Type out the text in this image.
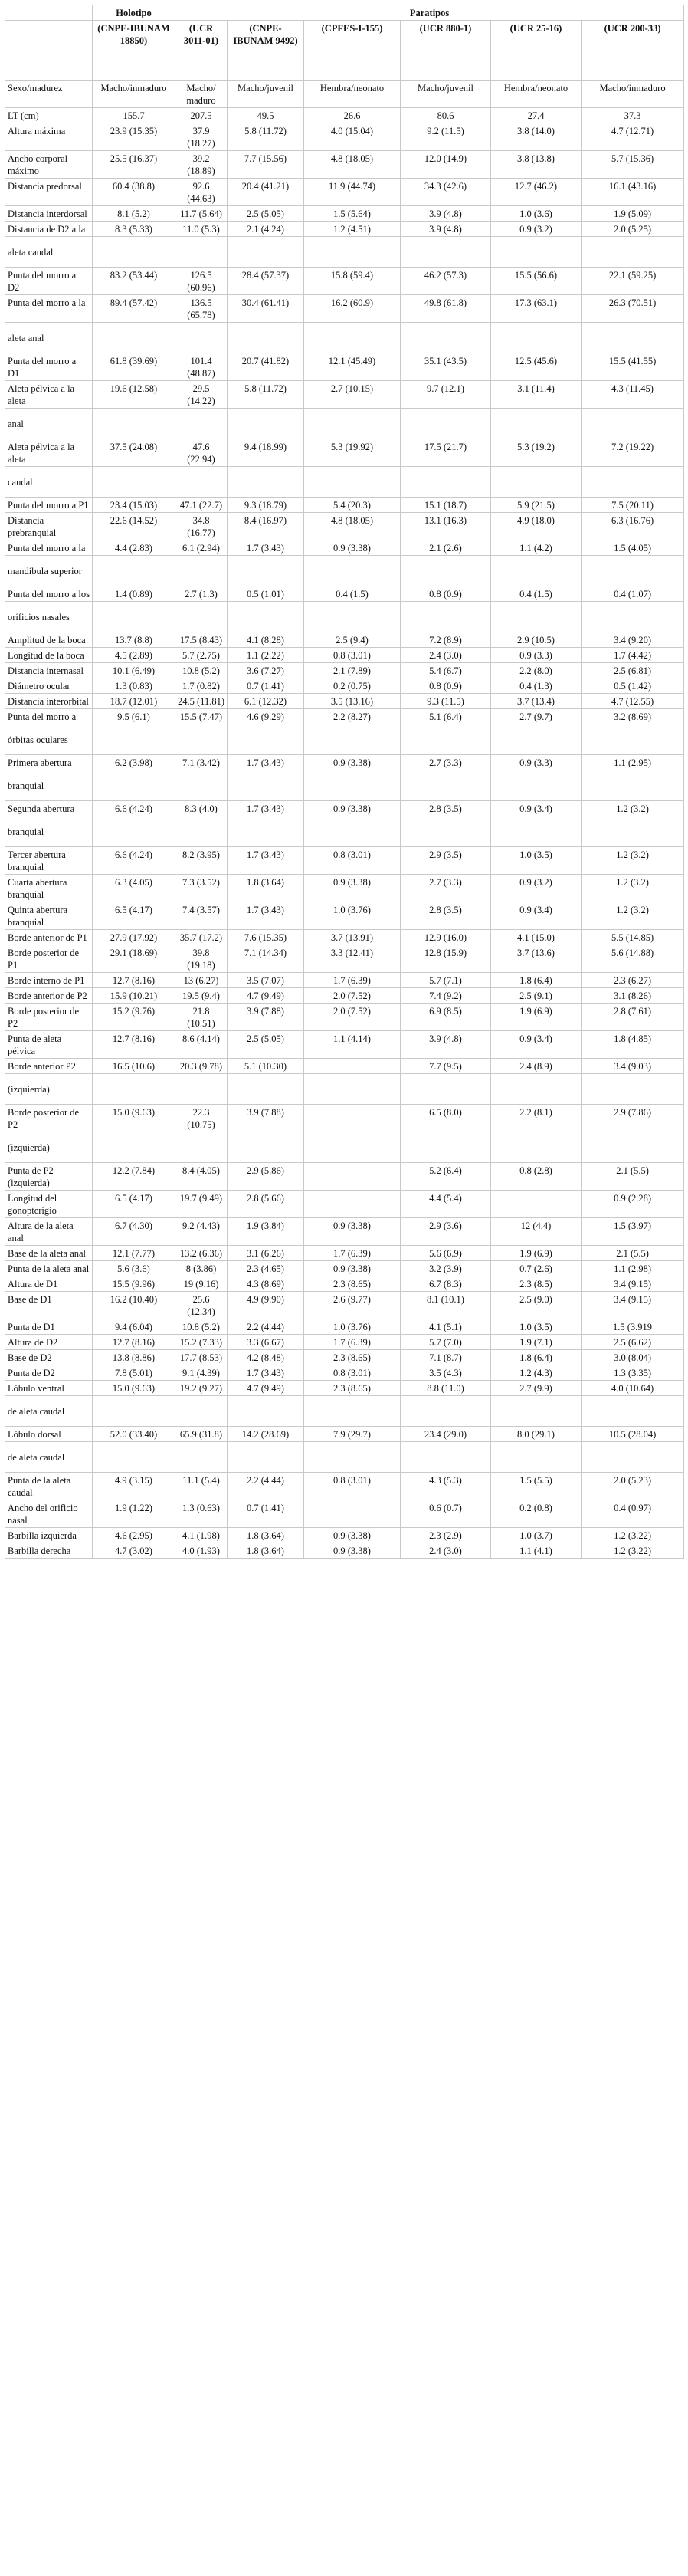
	Holotipo	Paratipos					
	(CNPE-IBUNAM 18850)	(UCR 3011-01)	(CNPE-IBUNAM 9492)	(CPFES-I-155)	(UCR 880-1)	(UCR 25-16)	(UCR 200-33)
Sexo/madurez	Macho/inmaduro	Macho/ maduro	Macho/juvenil	Hembra/neonato	Macho/juvenil	Hembra/neonato	Macho/inmaduro
LT (cm)	155.7	207.5	49.5	26.6	80.6	27.4	37.3
Altura máxima	23.9 (15.35)	37.9 (18.27)	5.8 (11.72)	4.0 (15.04)	9.2 (11.5)	3.8 (14.0)	4.7 (12.71)
Ancho corporal máximo	25.5 (16.37)	39.2 (18.89)	7.7 (15.56)	4.8 (18.05)	12.0 (14.9)	3.8 (13.8)	5.7 (15.36)
Distancia predorsal	60.4 (38.8)	92.6 (44.63)	20.4 (41.21)	11.9 (44.74)	34.3 (42.6)	12.7 (46.2)	16.1 (43.16)
Distancia interdorsal	8.1 (5.2)	11.7 (5.64)	2.5 (5.05)	1.5 (5.64)	3.9 (4.8)	1.0 (3.6)	1.9 (5.09)
Distancia de D2 a la	8.3 (5.33)	11.0 (5.3)	2.1 (4.24)	1.2 (4.51)	3.9 (4.8)	0.9 (3.2)	2.0 (5.25)
aleta caudal							
Punta del morro a D2	83.2 (53.44)	126.5 (60.96)	28.4 (57.37)	15.8 (59.4)	46.2 (57.3)	15.5 (56.6)	22.1 (59.25)
Punta del morro a la	89.4 (57.42)	136.5 (65.78)	30.4 (61.41)	16.2 (60.9)	49.8 (61.8)	17.3 (63.1)	26.3 (70.51)
aleta anal							
Punta del morro a D1	61.8 (39.69)	101.4 (48.87)	20.7 (41.82)	12.1 (45.49)	35.1 (43.5)	12.5 (45.6)	15.5 (41.55)
Aleta pélvica a la aleta	19.6 (12.58)	29.5 (14.22)	5.8 (11.72)	2.7 (10.15)	9.7 (12.1)	3.1 (11.4)	4.3 (11.45)
anal							
Aleta pélvica a la aleta	37.5 (24.08)	47.6 (22.94)	9.4 (18.99)	5.3 (19.92)	17.5 (21.7)	5.3 (19.2)	7.2 (19.22)
caudal							
Punta del morro a P1	23.4 (15.03)	47.1 (22.7)	9.3 (18.79)	5.4 (20.3)	15.1 (18.7)	5.9 (21.5)	7.5 (20.11)
Distancia prebranquial	22.6 (14.52)	34.8 (16.77)	8.4 (16.97)	4.8 (18.05)	13.1 (16.3)	4.9 (18.0)	6.3 (16.76)
Punta del morro a la	4.4 (2.83)	6.1 (2.94)	1.7 (3.43)	0.9 (3.38)	2.1 (2.6)	1.1 (4.2)	1.5 (4.05)
mandíbula superior							
Punta del morro a los	1.4 (0.89)	2.7 (1.3)	0.5 (1.01)	0.4 (1.5)	0.8 (0.9)	0.4 (1.5)	0.4 (1.07)
orificios nasales							
Amplitud de la boca	13.7 (8.8)	17.5 (8.43)	4.1 (8.28)	2.5 (9.4)	7.2 (8.9)	2.9 (10.5)	3.4 (9.20)
Longitud de la boca	4.5 (2.89)	5.7 (2.75)	1.1 (2.22)	0.8 (3.01)	2.4 (3.0)	0.9 (3.3)	1.7 (4.42)
Distancia internasal	10.1 (6.49)	10.8 (5.2)	3.6 (7.27)	2.1 (7.89)	5.4 (6.7)	2.2 (8.0)	2.5 (6.81)
Diámetro ocular	1.3 (0.83)	1.7 (0.82)	0.7 (1.41)	0.2 (0.75)	0.8 (0.9)	0.4 (1.3)	0.5 (1.42)
Distancia interorbital	18.7 (12.01)	24.5 (11.81)	6.1 (12.32)	3.5 (13.16)	9.3 (11.5)	3.7 (13.4)	4.7 (12.55)
Punta del morro a	9.5 (6.1)	15.5 (7.47)	4.6 (9.29)	2.2 (8.27)	5.1 (6.4)	2.7 (9.7)	3.2 (8.69)
órbitas oculares							
Primera abertura	6.2 (3.98)	7.1 (3.42)	1.7 (3.43)	0.9 (3.38)	2.7 (3.3)	0.9 (3.3)	1.1 (2.95)
branquial							
Segunda abertura	6.6 (4.24)	8.3 (4.0)	1.7 (3.43)	0.9 (3.38)	2.8 (3.5)	0.9 (3.4)	1.2 (3.2)
branquial							
Tercer abertura branquial	6.6 (4.24)	8.2 (3.95)	1.7 (3.43)	0.8 (3.01)	2.9 (3.5)	1.0 (3.5)	1.2 (3.2)
Cuarta abertura branquial	6.3 (4.05)	7.3 (3.52)	1.8 (3.64)	0.9 (3.38)	2.7 (3.3)	0.9 (3.2)	1.2 (3.2)
Quinta abertura branquial	6.5 (4.17)	7.4 (3.57)	1.7 (3.43)	1.0 (3.76)	2.8 (3.5)	0.9 (3.4)	1.2 (3.2)
Borde anterior de P1	27.9 (17.92)	35.7 (17.2)	7.6 (15.35)	3.7 (13.91)	12.9 (16.0)	4.1 (15.0)	5.5 (14.85)
Borde posterior de P1	29.1 (18.69)	39.8 (19.18)	7.1 (14.34)	3.3 (12.41)	12.8 (15.9)	3.7 (13.6)	5.6 (14.88)
Borde interno de P1	12.7 (8.16)	13 (6.27)	3.5 (7.07)	1.7 (6.39)	5.7 (7.1)	1.8 (6.4)	2.3 (6.27)
Borde anterior de P2	15.9 (10.21)	19.5 (9.4)	4.7 (9.49)	2.0 (7.52)	7.4 (9.2)	2.5 (9.1)	3.1 (8.26)
Borde posterior de P2	15.2 (9.76)	21.8 (10.51)	3.9 (7.88)	2.0 (7.52)	6.9 (8.5)	1.9 (6.9)	2.8 (7.61)
Punta de aleta pélvica	12.7 (8.16)	8.6 (4.14)	2.5 (5.05)	1.1 (4.14)	3.9 (4.8)	0.9 (3.4)	1.8 (4.85)
Borde anterior P2	16.5 (10.6)	20.3 (9.78)	5.1 (10.30)		7.7 (9.5)	2.4 (8.9)	3.4 (9.03)
(izquierda)							
Borde posterior de P2	15.0 (9.63)	22.3 (10.75)	3.9 (7.88)		6.5 (8.0)	2.2 (8.1)	2.9 (7.86)
(izquierda)							
Punta de P2 (izquierda)	12.2 (7.84)	8.4 (4.05)	2.9 (5.86)		5.2 (6.4)	0.8 (2.8)	2.1 (5.5)
Longitud del gonopterigio	6.5 (4.17)	19.7 (9.49)	2.8 (5.66)		4.4 (5.4)		0.9 (2.28)
Altura de la aleta anal	6.7 (4.30)	9.2 (4.43)	1.9 (3.84)	0.9 (3.38)	2.9 (3.6)	12 (4.4)	1.5 (3.97)
Base de la aleta anal	12.1 (7.77)	13.2 (6.36)	3.1 (6.26)	1.7 (6.39)	5.6 (6.9)	1.9 (6.9)	2.1 (5.5)
Punta de la aleta anal	5.6 (3.6)	8 (3.86)	2.3 (4.65)	0.9 (3.38)	3.2 (3.9)	0.7 (2.6)	1.1 (2.98)
Altura de D1	15.5 (9.96)	19 (9.16)	4.3 (8.69)	2.3 (8.65)	6.7 (8.3)	2.3 (8.5)	3.4 (9.15)
Base de D1	16.2 (10.40)	25.6 (12.34)	4.9 (9.90)	2.6 (9.77)	8.1 (10.1)	2.5 (9.0)	3.4 (9.15)
Punta de D1	9.4 (6.04)	10.8 (5.2)	2.2 (4.44)	1.0 (3.76)	4.1 (5.1)	1.0 (3.5)	1.5 (3.919
Altura de D2	12.7 (8.16)	15.2 (7.33)	3.3 (6.67)	1.7 (6.39)	5.7 (7.0)	1.9 (7.1)	2.5 (6.62)
Base de D2	13.8 (8.86)	17.7 (8.53)	4.2 (8.48)	2.3 (8.65)	7.1 (8.7)	1.8 (6.4)	3.0 (8.04)
Punta de D2	7.8 (5.01)	9.1 (4.39)	1.7 (3.43)	0.8 (3.01)	3.5 (4.3)	1.2 (4.3)	1.3 (3.35)
Lóbulo ventral	15.0 (9.63)	19.2 (9.27)	4.7 (9.49)	2.3 (8.65)	8.8 (11.0)	2.7 (9.9)	4.0 (10.64)
de aleta caudal							
Lóbulo dorsal	52.0 (33.40)	65.9 (31.8)	14.2 (28.69)	7.9 (29.7)	23.4 (29.0)	8.0 (29.1)	10.5 (28.04)
de aleta caudal							
Punta de la aleta caudal	4.9 (3.15)	11.1 (5.4)	2.2 (4.44)	0.8 (3.01)	4.3 (5.3)	1.5 (5.5)	2.0 (5.23)
Ancho del orificio nasal	1.9 (1.22)	1.3 (0.63)	0.7 (1.41)		0.6 (0.7)	0.2 (0.8)	0.4 (0.97)
Barbilla izquierda	4.6 (2.95)	4.1 (1.98)	1.8 (3.64)	0.9 (3.38)	2.3 (2.9)	1.0 (3.7)	1.2 (3.22)
Barbilla derecha	4.7 (3.02)	4.0 (1.93)	1.8 (3.64)	0.9 (3.38)	2.4 (3.0)	1.1 (4.1)	1.2 (3.22)
